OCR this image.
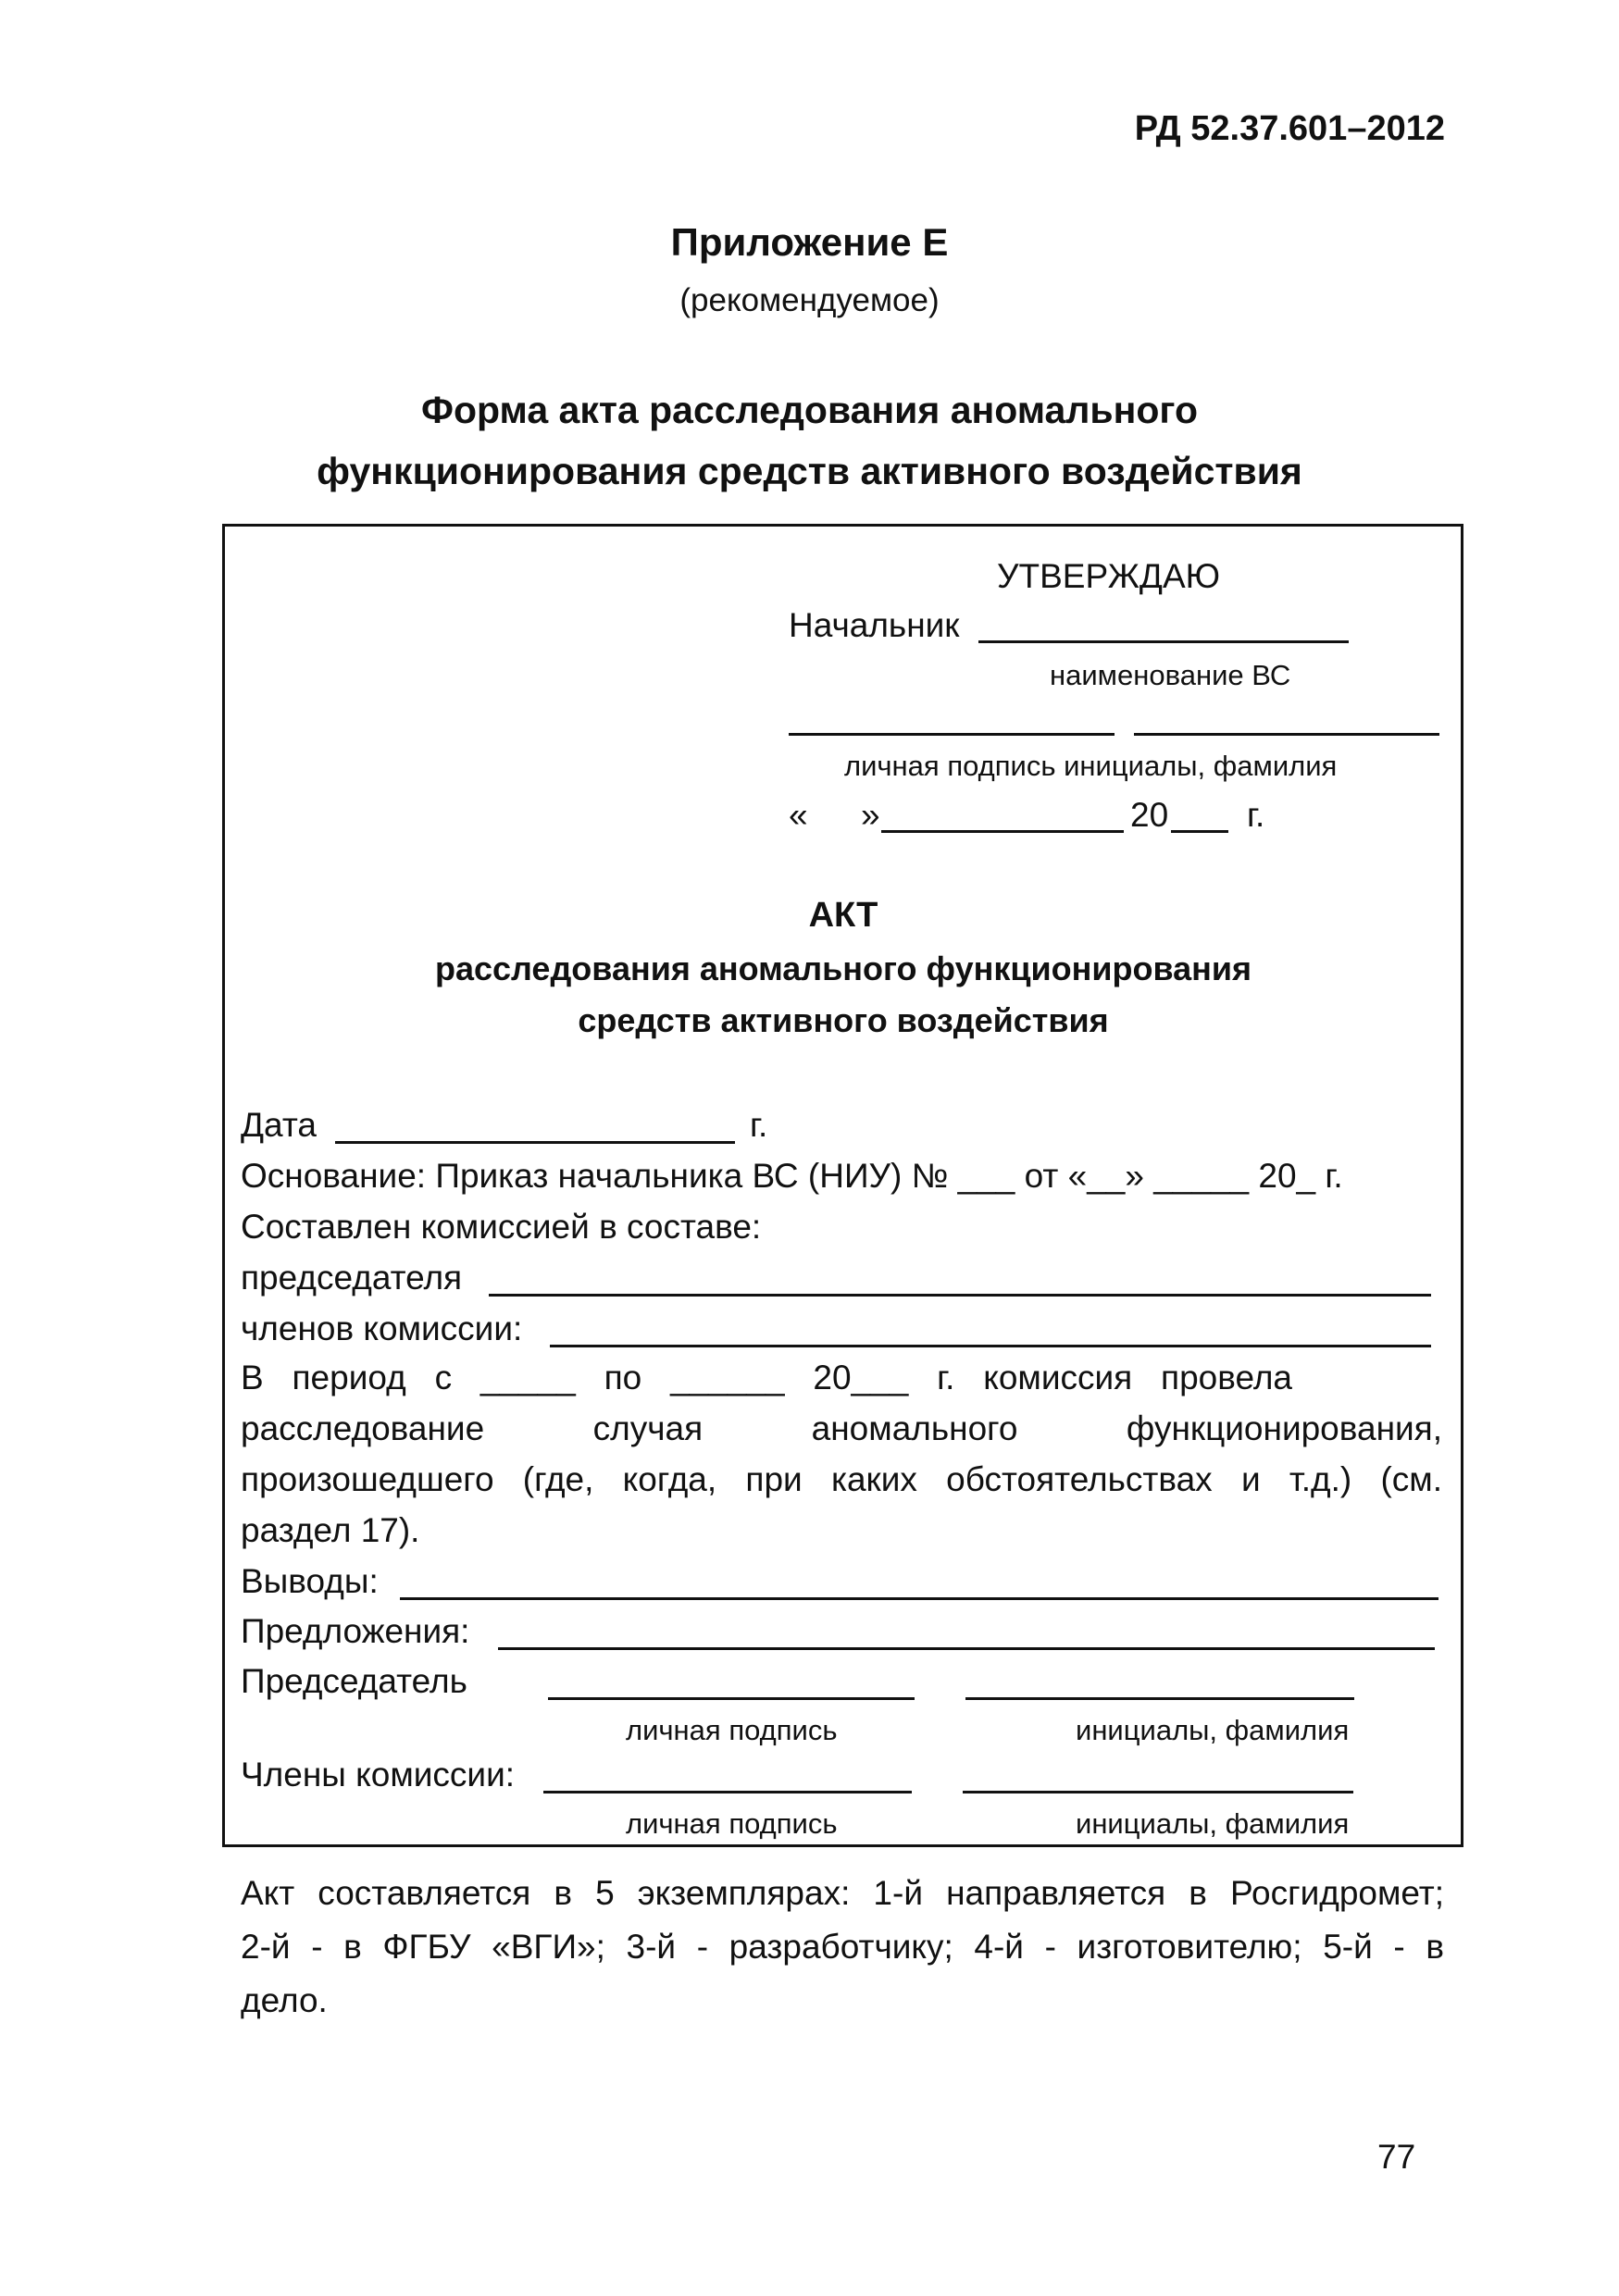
РД 52.37.601–2012
Приложение Е
(рекомендуемое)
Форма акта расследования аномального
функционирования средств активного воздействия
УТВЕРЖДАЮ
Начальник
наименование ВС
личная подпись инициалы, фамилия
« »	20 г.
АКТ
расследования аномального функционирования
средств активного воздействия
Дата	г.
Основание: Приказ начальника ВС (НИУ) № ___ от «__» _____ 20_ г.
Составлен комиссией в составе:
председателя
членов комиссии:
В   период   с   _____   по   ______   20___   г.   комиссия   провела
расследование случая аномального функционирования,
произошедшего (где, когда, при каких обстоятельствах и т.д.) (см.
раздел 17).
Выводы:
Предложения:
Председатель
личная подпись	инициалы, фамилия
Члены комиссии:
личная подпись	инициалы, фамилия
Акт составляется в 5 экземплярах: 1-й направляется в Росгидромет;
2-й - в ФГБУ «ВГИ»; 3-й - разработчику; 4-й - изготовителю; 5-й - в
дело.
77
